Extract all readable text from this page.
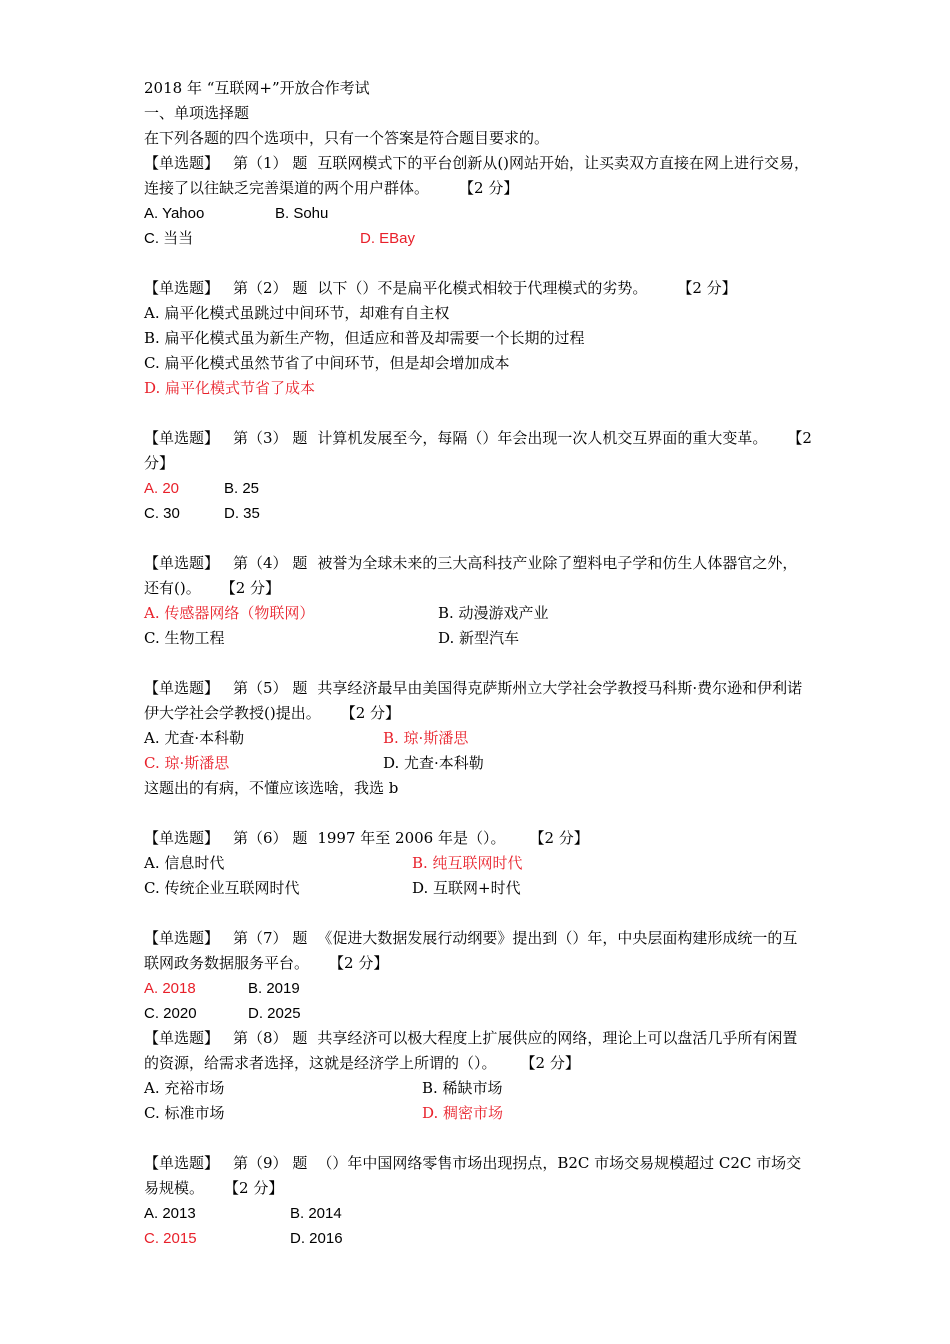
2018 年 “互联网+”开放合作考试
一、单项选择题
在下列各题的四个选项中，只有一个答案是符合题目要求的。
【单选题】 第（1） 题 互联网模式下的平台创新从()网站开始，让买卖双方直接在网上进行交易，连接了以往缺乏完善渠道的两个用户群体。 【2 分】
A. Yahoo	B. Sohu
C. 当当	D. EBay
【单选题】 第（2） 题 以下（）不是扁平化模式相较于代理模式的劣势。 【2 分】
A. 扁平化模式虽跳过中间环节，却难有自主权
B. 扁平化模式虽为新生产物，但适应和普及却需要一个长期的过程
C. 扁平化模式虽然节省了中间环节，但是却会增加成本
D. 扁平化模式节省了成本
【单选题】 第（3） 题 计算机发展至今，每隔（）年会出现一次人机交互界面的重大变革。 【2 分】
A. 20	B. 25
C. 30	D. 35
【单选题】 第（4） 题 被誉为全球未来的三大高科技产业除了塑料电子学和仿生人体器官之外，还有()。 【2 分】
A. 传感器网络（物联网）	B. 动漫游戏产业
C. 生物工程	D. 新型汽车
【单选题】 第（5） 题 共享经济最早由美国得克萨斯州立大学社会学教授马科斯·费尔逊和伊利诺伊大学社会学教授()提出。 【2 分】
A. 尤查·本科勒	B. 琼·斯潘思
C. 琼·斯潘思	D. 尤查·本科勒
这题出的有病，不懂应该选啥，我选 b
【单选题】 第（6） 题 1997 年至 2006 年是（）。 【2 分】
A. 信息时代	B. 纯互联网时代
C. 传统企业互联网时代	D. 互联网+时代
【单选题】 第（7） 题 《促进大数据发展行动纲要》提出到（）年，中央层面构建形成统一的互联网政务数据服务平台。 【2 分】
A. 2018	B. 2019
C. 2020	D. 2025
【单选题】 第（8） 题 共享经济可以极大程度上扩展供应的网络，理论上可以盘活几乎所有闲置的资源，给需求者选择，这就是经济学上所谓的（）。 【2 分】
A. 充裕市场	B. 稀缺市场
C. 标准市场	D. 稠密市场
【单选题】 第（9） 题 （）年中国网络零售市场出现拐点，B2C 市场交易规模超过 C2C 市场交易规模。 【2 分】
A. 2013	B. 2014
C. 2015	D. 2016
